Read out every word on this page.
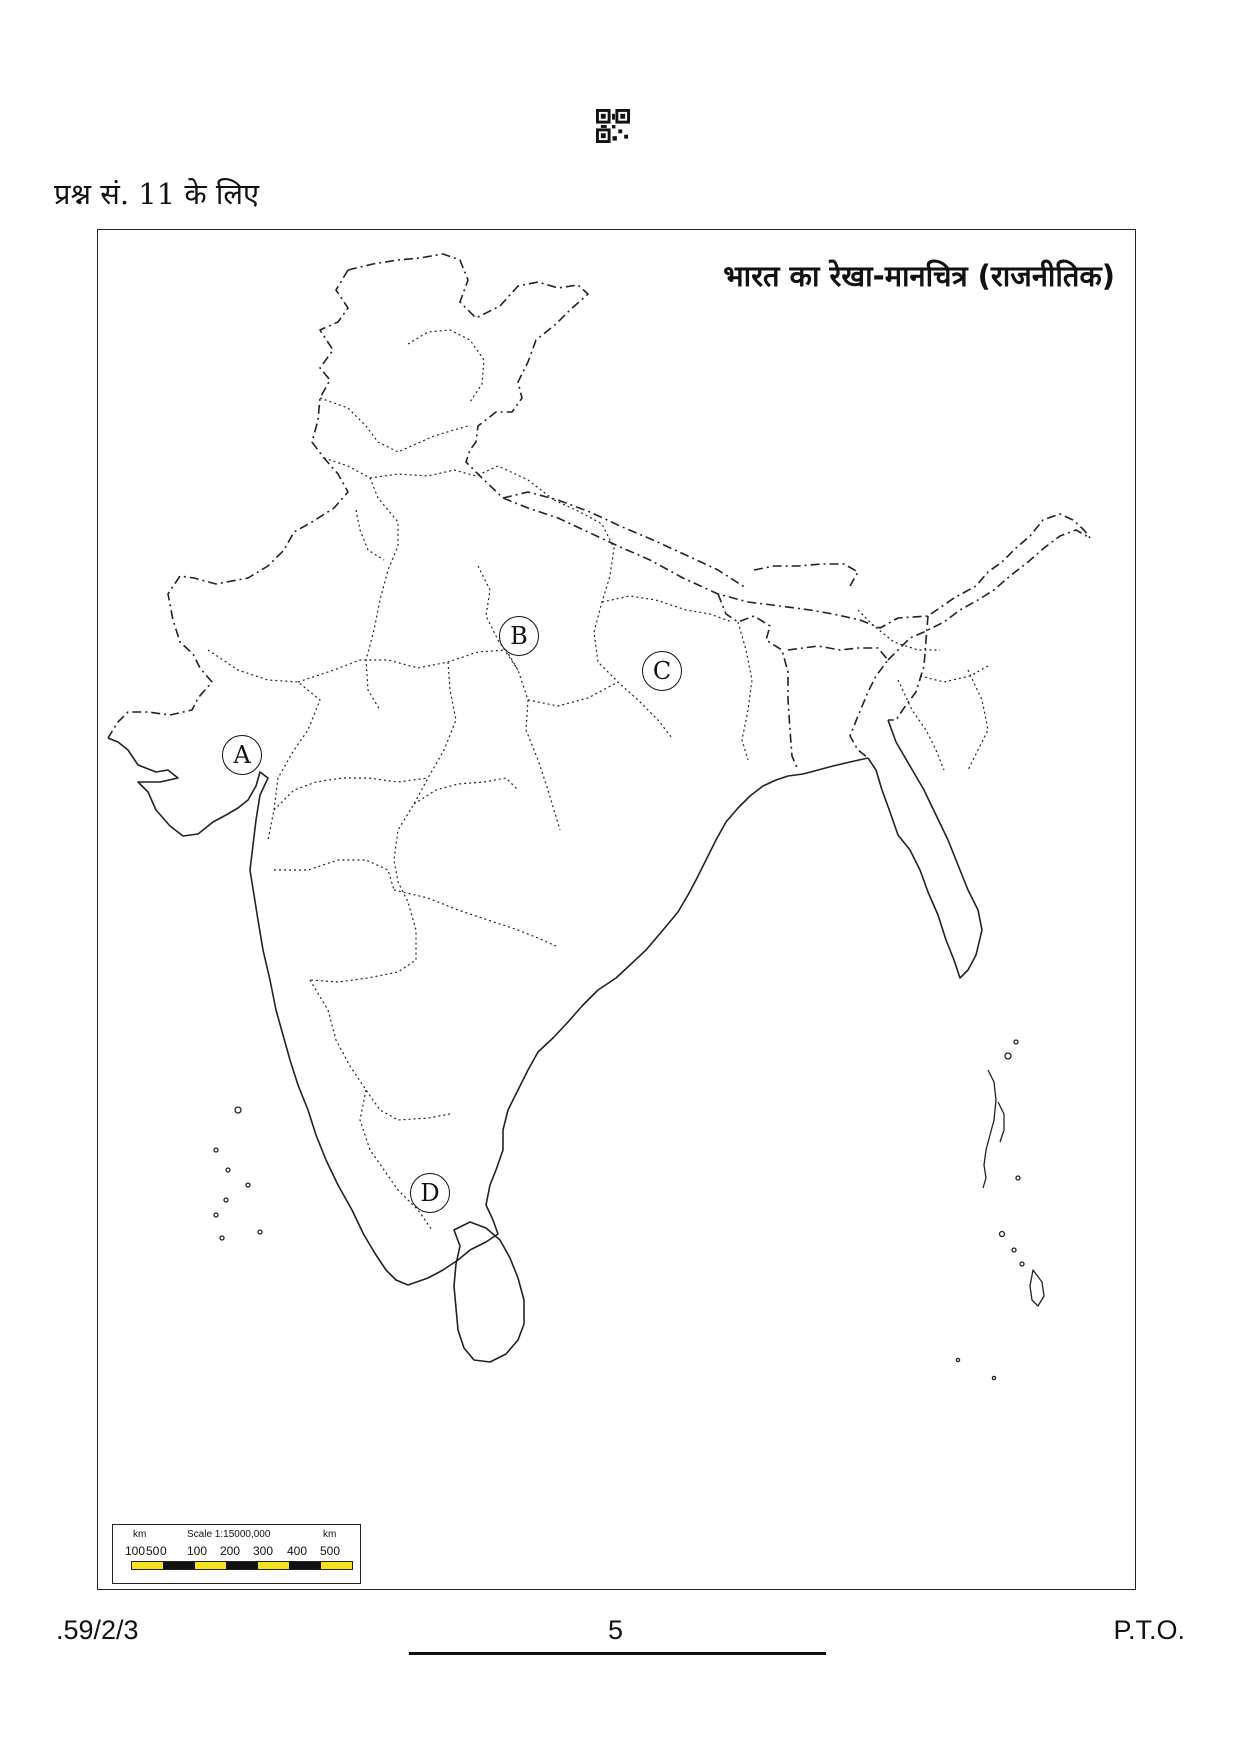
प्रश्न सं. 11 के लिए
भारत का रेखा-मानचित्र (राजनीतिक)
A
B
C
D
km	Scale 1:15000,000	km
100 50 0 100 200 300 400 500
.59/2/3	5	P.T.O.
